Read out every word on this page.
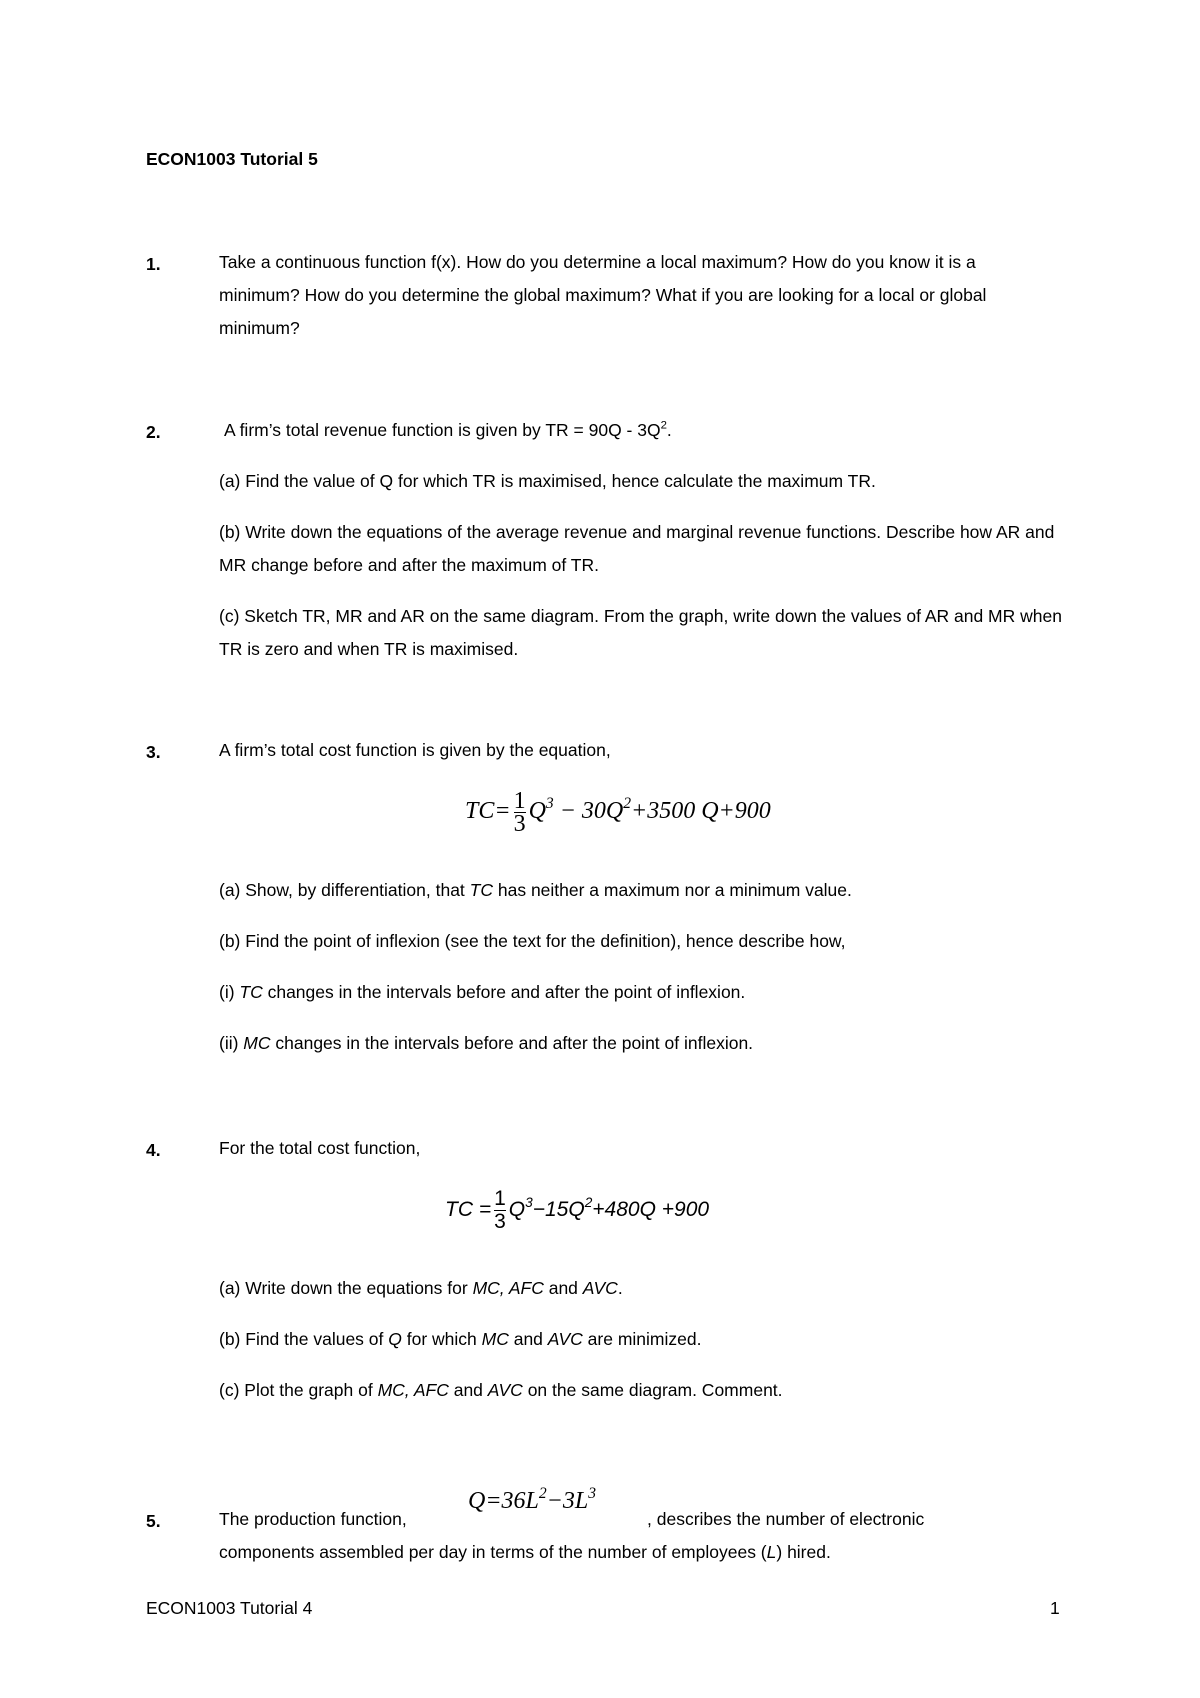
ECON1003 Tutorial 5
1.	Take a continuous function f(x). How do you determine a local maximum? How do you know it is a minimum? How do you determine the global maximum? What if you are looking for a local or global minimum?
2.	A firm’s total revenue function is given by TR = $90Q - 3Q^2$.
(a) Find the value of Q for which TR is maximised, hence calculate the maximum TR.
(b) Write down the equations of the average revenue and marginal revenue functions. Describe how AR and MR change before and after the maximum of TR.
(c) Sketch TR, MR and AR on the same diagram. From the graph, write down the values of AR and MR when TR is zero and when TR is maximised.
3.	A firm’s total cost function is given by the equation,
$TC= \frac{1}{3} Q^3 - 30Q^2+3500$ Q+900
(a) Show, by differentiation, that TC has neither a maximum nor a minimum value.
(b) Find the point of inflexion (see the text for the definition), hence describe how,
(i) TC changes in the intervals before and after the point of inflexion.
(ii) MC changes in the intervals before and after the point of inflexion.
4.	For the total cost function,
TC = $\frac{1}{3} Q^3-15Q^2+480Q +900$
(a) Write down the equations for MC, AFC and AVC.
(b) Find the values of Q for which MC and AVC are minimized.
(c) Plot the graph of MC, AFC and AVC on the same diagram. Comment.
5.	The production function,
$Q=36L^2-3L^3$
, describes the number of electronic
components assembled per day in terms of the number of employees (L) hired.
ECON1003 Tutorial 4	1
